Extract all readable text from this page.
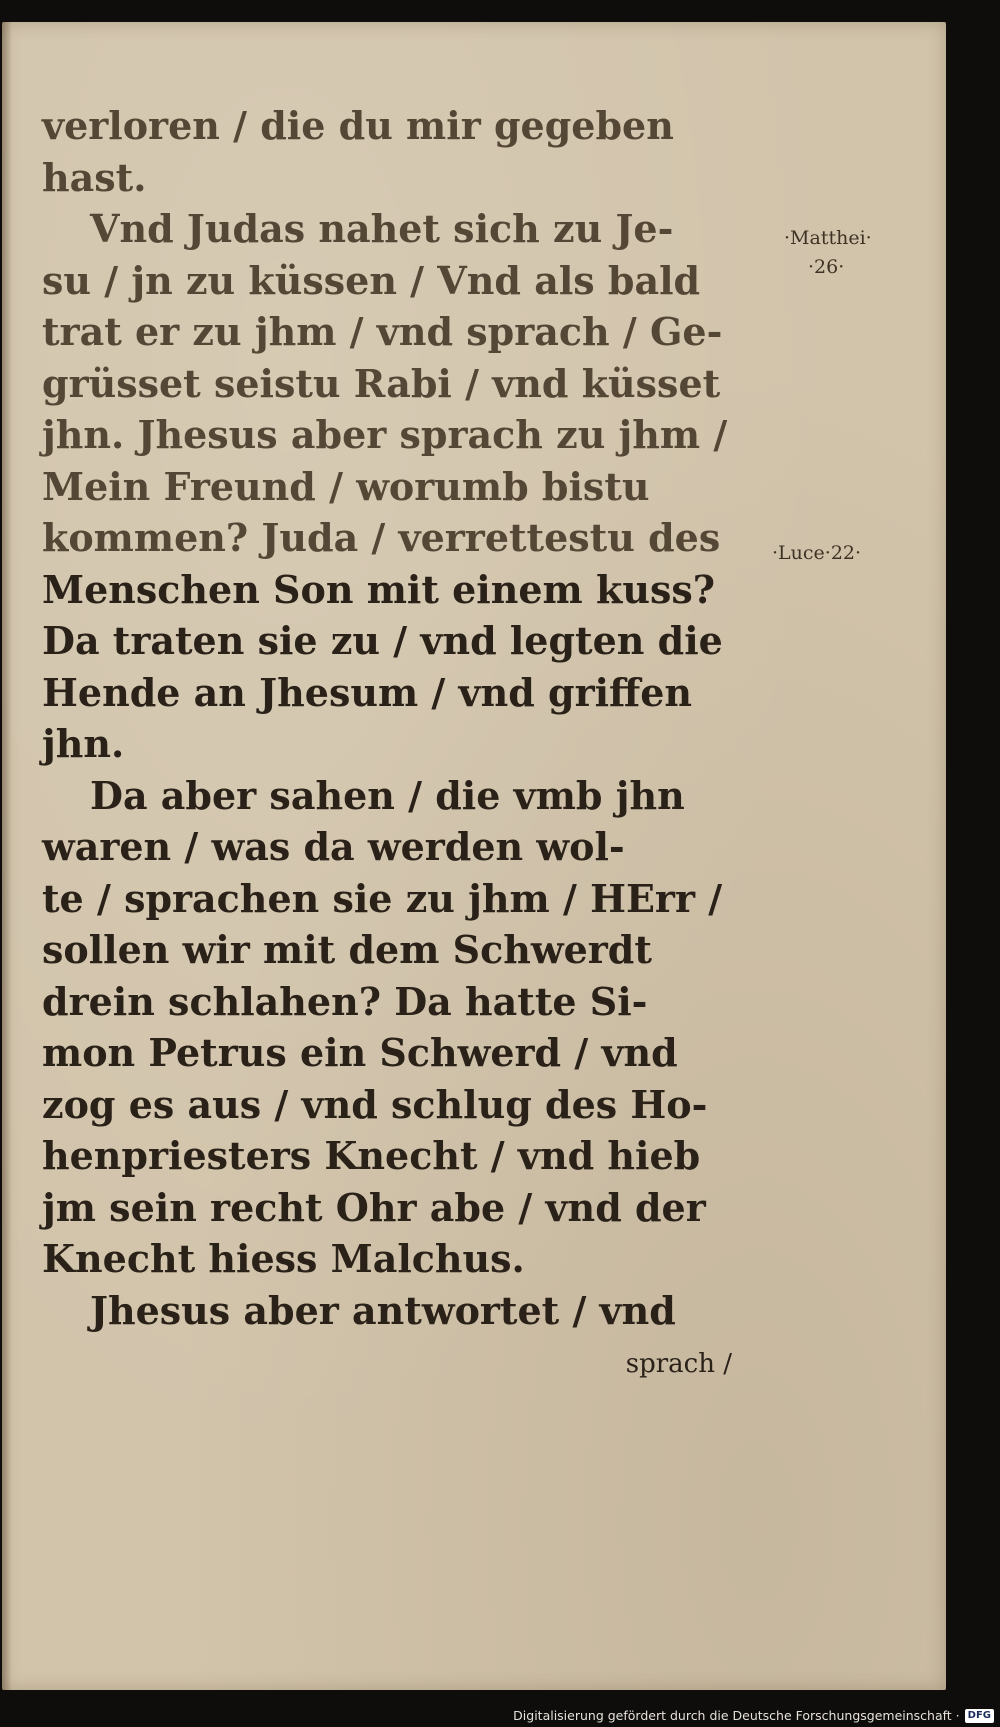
verloren / die du mir gegeben
hast.
Vnd Judas nahet sich zu Je-
su / jn zu küssen / Vnd als bald
trat er zu jhm / vnd sprach / Ge-
grüsset seistu Rabi / vnd küsset
jhn. Jhesus aber sprach zu jhm /
Mein Freund / worumb bistu
kommen? Juda / verrettestu des
Menschen Son mit einem kuss?
Da traten sie zu / vnd legten die
Hende an Jhesum / vnd griffen
jhn.
Da aber sahen / die vmb jhn
waren / was da werden wol-
te / sprachen sie zu jhm / HErr /
sollen wir mit dem Schwerdt
drein schlahen? Da hatte Si-
mon Petrus ein Schwerd / vnd
zog es aus / vnd schlug des Ho-
henpriesters Knecht / vnd hieb
jm sein recht Ohr abe / vnd der
Knecht hiess Malchus.
Jhesus aber antwortet / vnd
sprach /
·Matthei·
·26·
·Luce·22·
Digitalisierung gefördert durch die Deutsche Forschungsgemeinschaft · DFG
